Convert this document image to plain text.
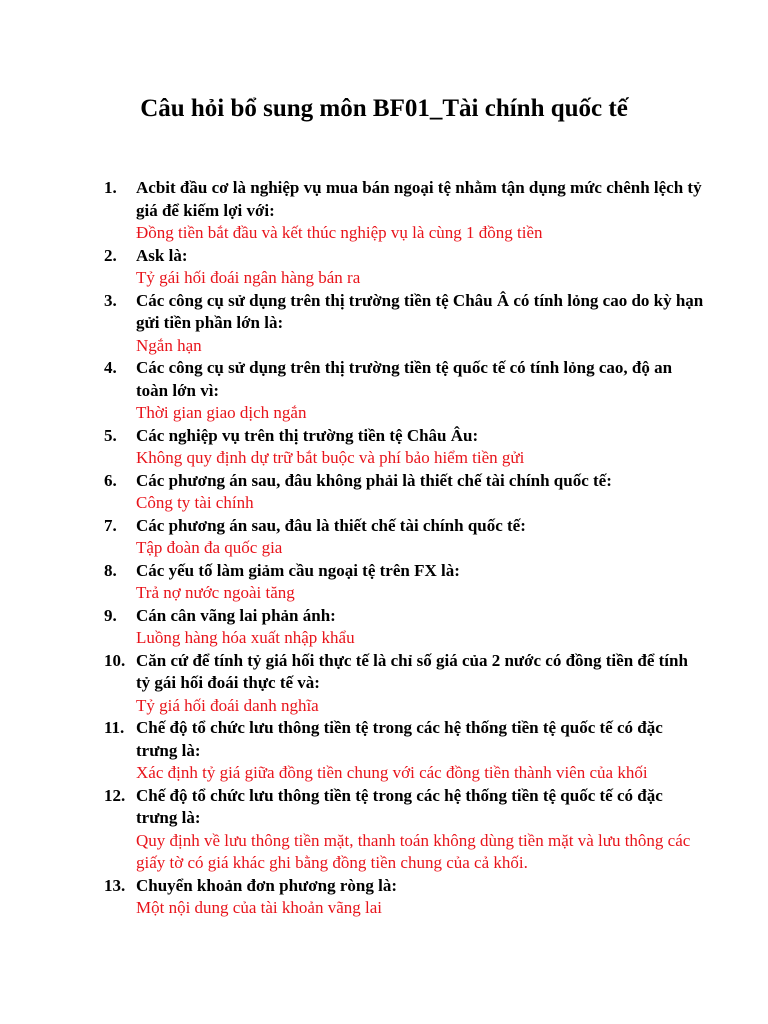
Câu hỏi bổ sung môn BF01_Tài chính quốc tế
1.	Acbit đầu cơ là nghiệp vụ mua bán ngoại tệ nhằm tận dụng mức chênh lệch tỷ giá để kiếm lợi với:

Đồng tiền bắt đầu và kết thúc nghiệp vụ là cùng 1 đồng tiền

2.	Ask là:

Tỷ gái hối đoái ngân hàng bán ra

3.	Các công cụ sử dụng trên thị trường tiền tệ Châu Â có tính lỏng cao do kỳ hạn gửi tiền phần lớn là:

Ngắn hạn

4.	Các công cụ sử dụng trên thị trường tiền tệ quốc tế có tính lỏng cao, độ an toàn lớn vì:

Thời gian giao dịch ngắn

5.	Các nghiệp vụ trên thị trường tiền tệ Châu Âu:

Không quy định dự trữ bắt buộc và phí bảo hiểm tiền gửi

6.	Các phương án sau, đâu không phải là thiết chế tài chính quốc tế:

Công ty tài chính

7.	Các phương án sau, đâu là thiết chế tài chính quốc tế:

Tập đoàn đa quốc gia

8.	Các yếu tố làm giảm cầu ngoại tệ trên FX là:

Trả nợ nước ngoài tăng

9.	Cán cân vãng lai phản ánh:

Luồng hàng hóa xuất nhập khẩu

10. Căn cứ để tính tỷ giá hối thực tế là chỉ số giá của 2 nước có đồng tiền để tính tỷ gái hối đoái thực tế và:

Tỷ giá hối đoái danh nghĩa

11. Chế độ tổ chức lưu thông tiền tệ trong các hệ thống tiền tệ quốc tế có đặc trưng là:

Xác định tỷ giá giữa đồng tiền chung với các đồng tiền thành viên của khối

12. Chế độ tổ chức lưu thông tiền tệ trong các hệ thống tiền tệ quốc tế có đặc trưng là:

Quy định về lưu thông tiền mặt, thanh toán không dùng tiền mặt và lưu thông các giấy tờ có giá khác ghi bằng đồng tiền chung của cả khối.

13. Chuyển khoản đơn phương ròng là:

Một nội dung của tài khoản vãng lai
